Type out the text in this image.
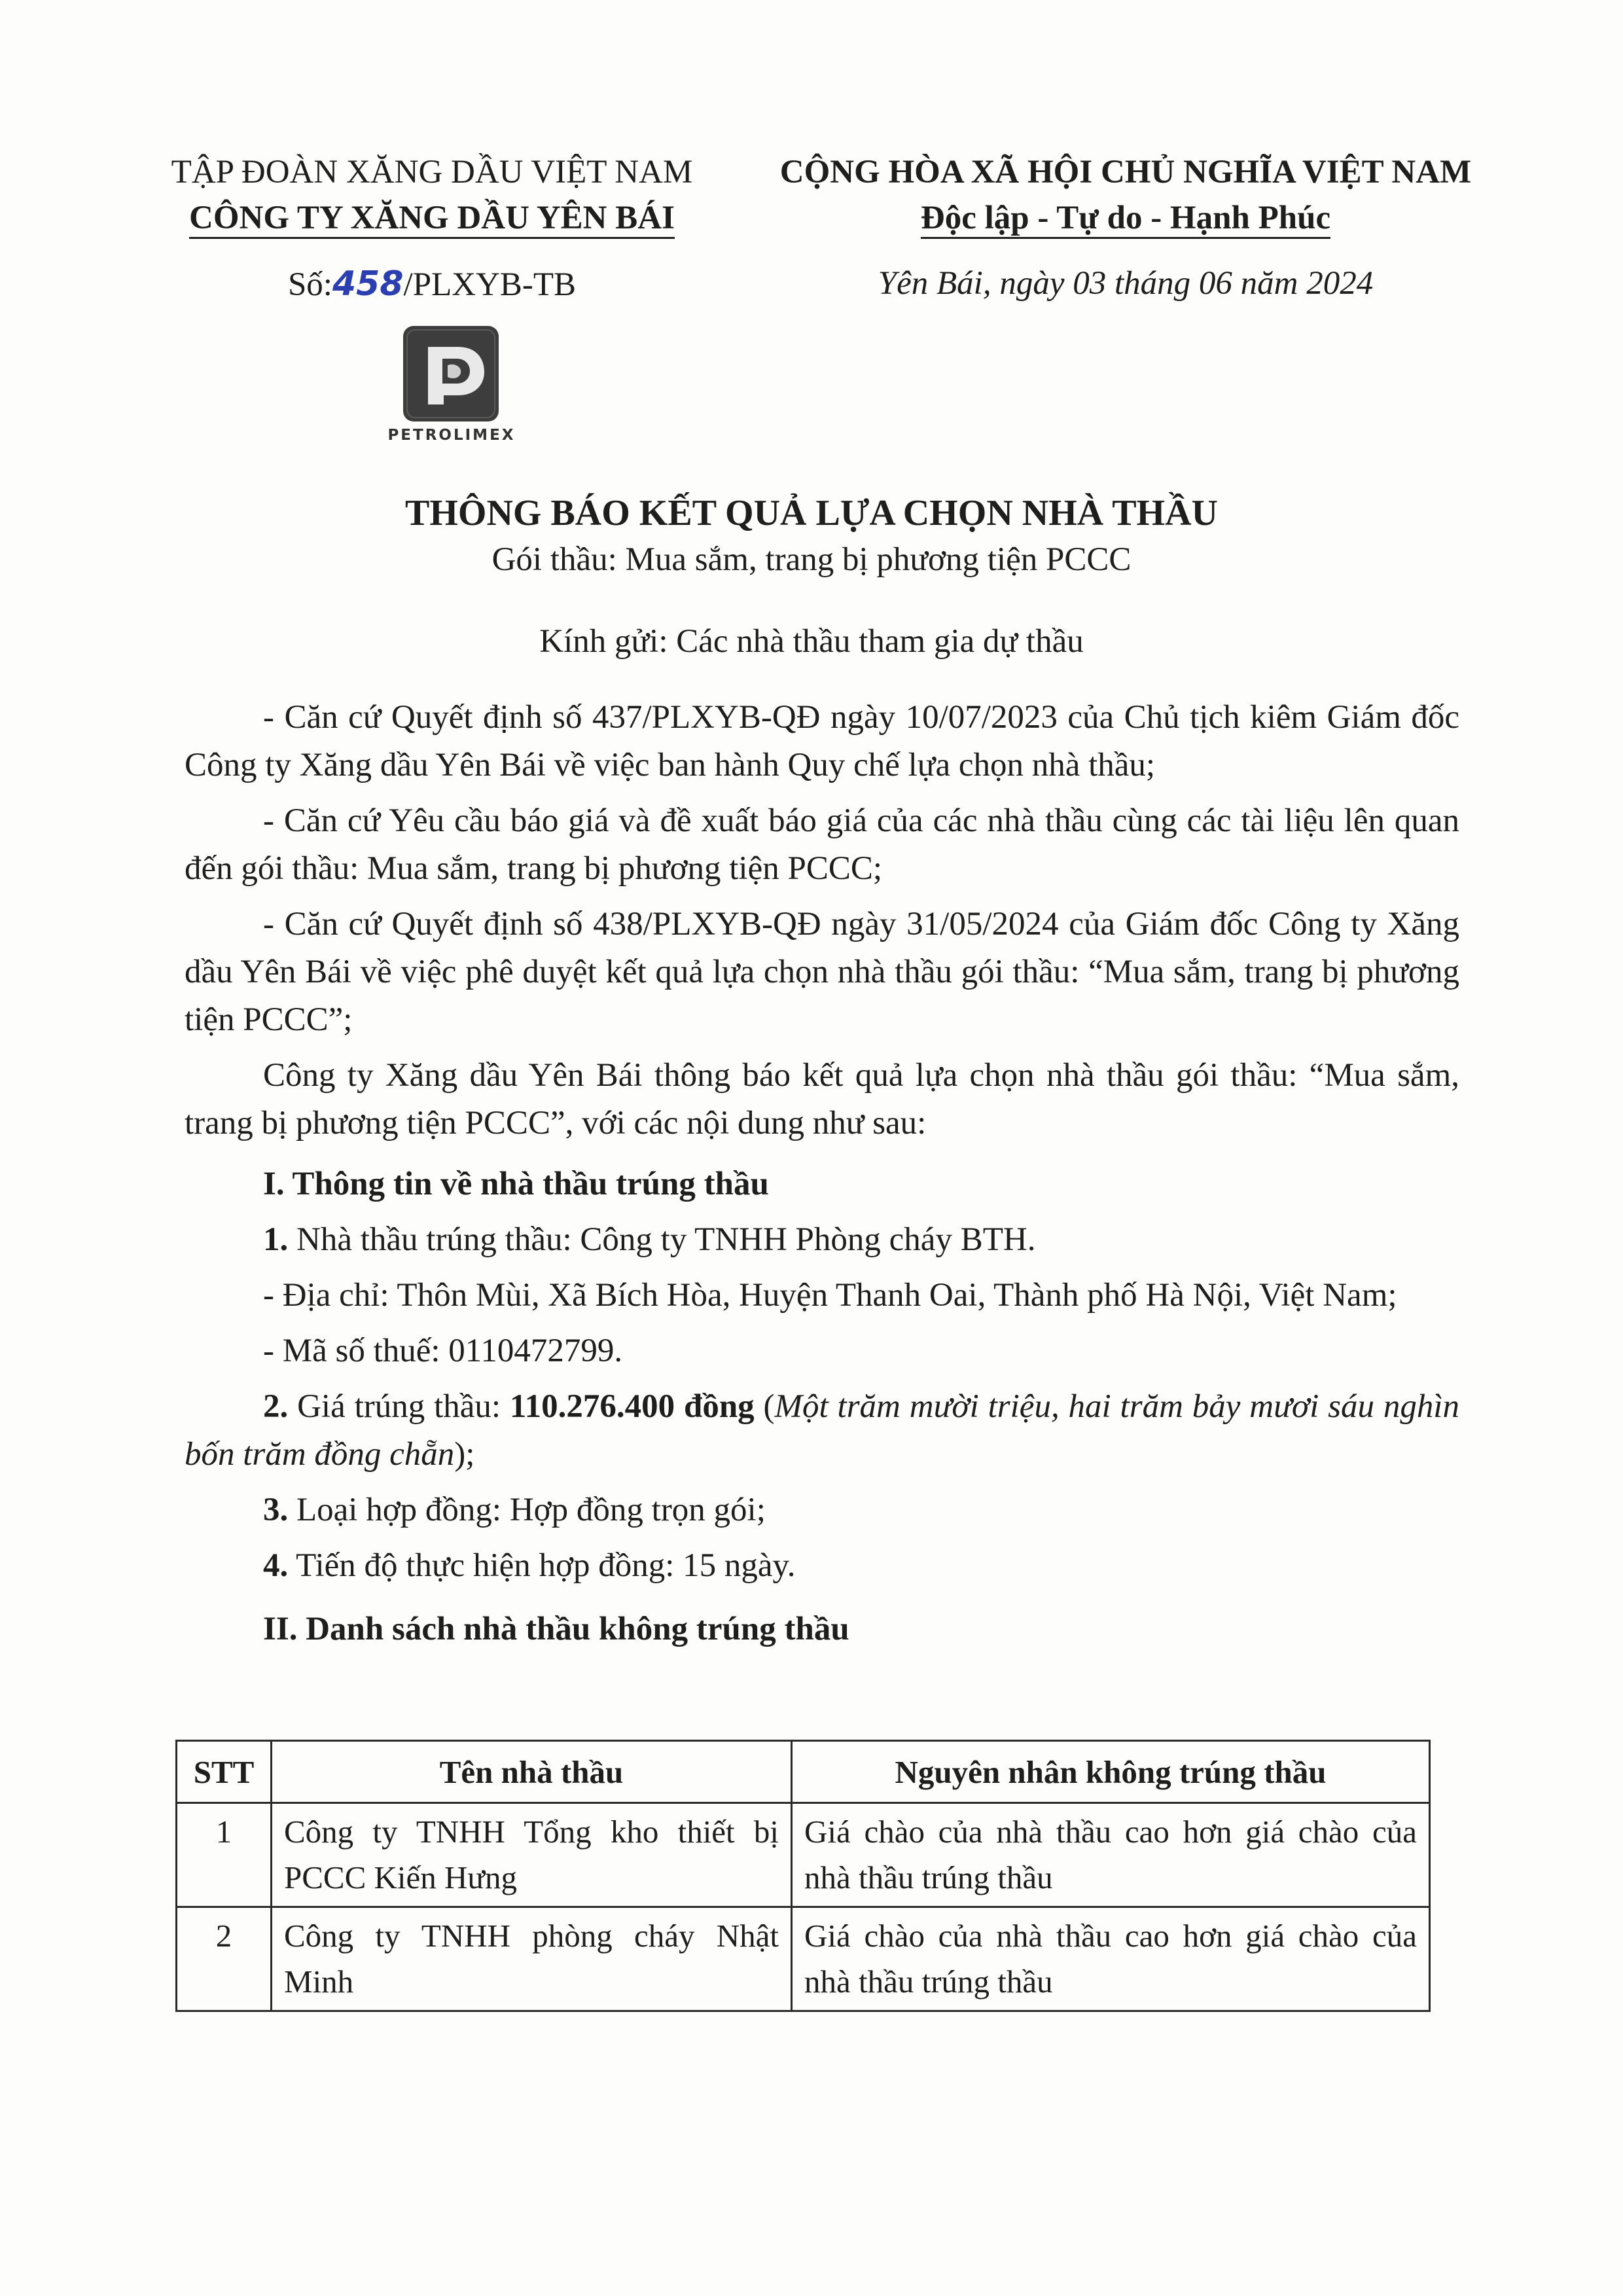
TẬP ĐOÀN XĂNG DẦU VIỆT NAM
CÔNG TY XĂNG DẦU YÊN BÁI
CỘNG HÒA XÃ HỘI CHỦ NGHĨA VIỆT NAM
Độc lập - Tự do - Hạnh Phúc
Số:458/PLXYB-TB	Yên Bái, ngày 03 tháng 06 năm 2024
PETROLIMEX
THÔNG BÁO KẾT QUẢ LỰA CHỌN NHÀ THẦU
Gói thầu: Mua sắm, trang bị phương tiện PCCC
Kính gửi: Các nhà thầu tham gia dự thầu

- Căn cứ Quyết định số 437/PLXYB-QĐ ngày 10/07/2023 của Chủ tịch kiêm Giám đốc Công ty Xăng dầu Yên Bái về việc ban hành Quy chế lựa chọn nhà thầu;

- Căn cứ Yêu cầu báo giá và đề xuất báo giá của các nhà thầu cùng các tài liệu lên quan đến gói thầu: Mua sắm, trang bị phương tiện PCCC;

- Căn cứ Quyết định số 438/PLXYB-QĐ ngày 31/05/2024 của Giám đốc Công ty Xăng dầu Yên Bái về việc phê duyệt kết quả lựa chọn nhà thầu gói thầu: “Mua sắm, trang bị phương tiện PCCC”;

Công ty Xăng dầu Yên Bái thông báo kết quả lựa chọn nhà thầu gói thầu: “Mua sắm, trang bị phương tiện PCCC”, với các nội dung như sau:

I. Thông tin về nhà thầu trúng thầu

1. Nhà thầu trúng thầu: Công ty TNHH Phòng cháy BTH.

- Địa chỉ: Thôn Mùi, Xã Bích Hòa, Huyện Thanh Oai, Thành phố Hà Nội, Việt Nam;

- Mã số thuế: 0110472799.

2. Giá trúng thầu: 110.276.400 đồng (Một trăm mười triệu, hai trăm bảy mươi sáu nghìn bốn trăm đồng chẵn);

3. Loại hợp đồng: Hợp đồng trọn gói;

4. Tiến độ thực hiện hợp đồng: 15 ngày.

II. Danh sách nhà thầu không trúng thầu

STT	Tên nhà thầu	Nguyên nhân không trúng thầu
1	Công ty TNHH Tổng kho thiết bị PCCC Kiến Hưng	Giá chào của nhà thầu cao hơn giá chào của nhà thầu trúng thầu
2	Công ty TNHH phòng cháy Nhật Minh	Giá chào của nhà thầu cao hơn giá chào của nhà thầu trúng thầu
